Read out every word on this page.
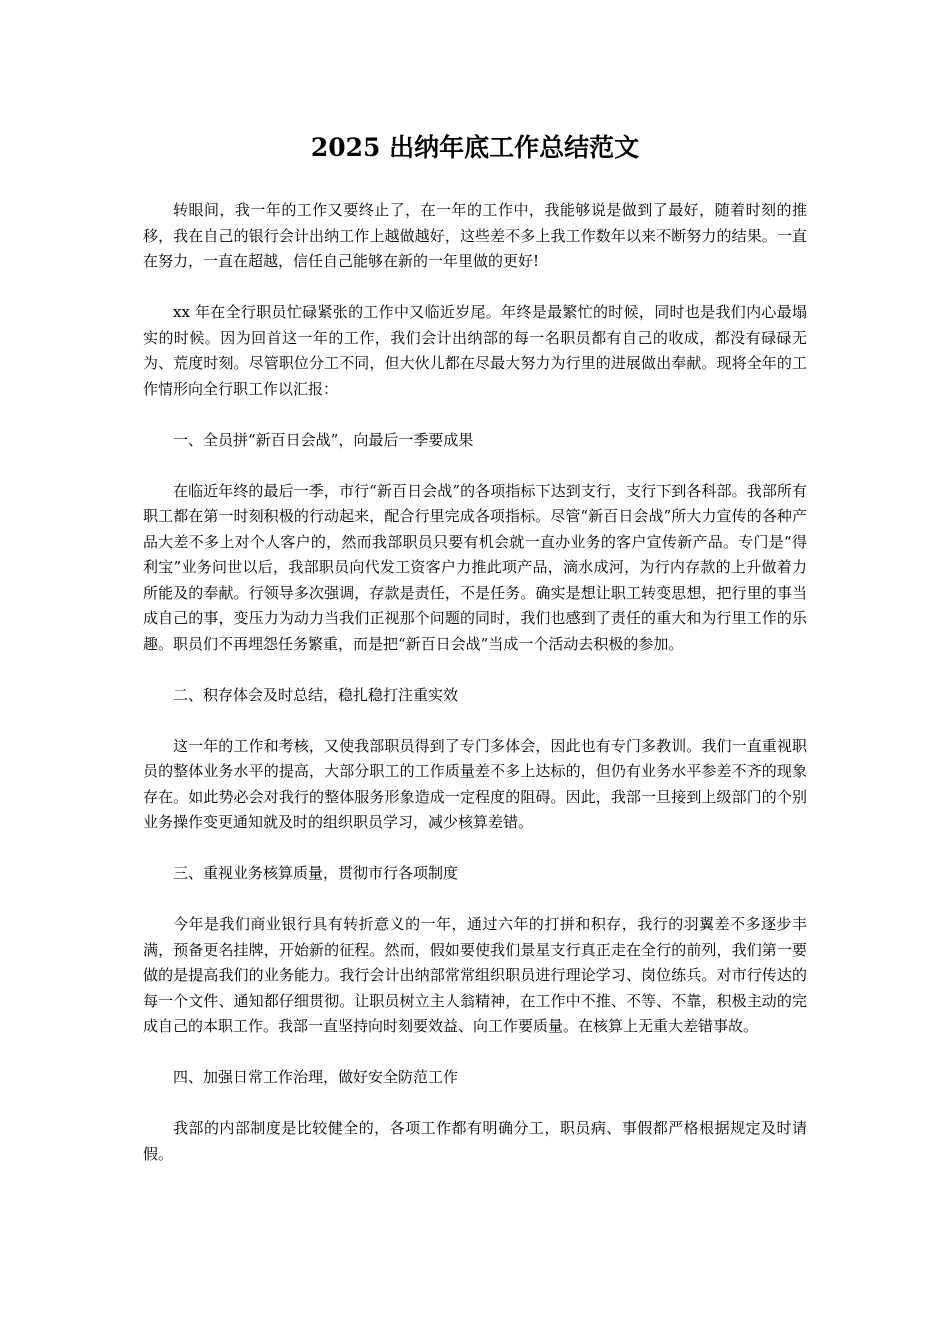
2025 出纳年底工作总结范文

转眼间，我一年的工作又要终止了，在一年的工作中，我能够说是做到了最好，随着时刻的推移，我在自己的银行会计出纳工作上越做越好，这些差不多上我工作数年以来不断努力的结果。一直在努力，一直在超越，信任自己能够在新的一年里做的更好!

xx 年在全行职员忙碌紧张的工作中又临近岁尾。年终是最繁忙的时候，同时也是我们内心最塌实的时候。因为回首这一年的工作，我们会计出纳部的每一名职员都有自己的收成，都没有碌碌无为、荒度时刻。尽管职位分工不同，但大伙儿都在尽最大努力为行里的进展做出奉献。现将全年的工作情形向全行职工作以汇报：

一、全员拼“新百日会战”，向最后一季要成果

在临近年终的最后一季，市行“新百日会战”的各项指标下达到支行，支行下到各科部。我部所有职工都在第一时刻积极的行动起来，配合行里完成各项指标。尽管“新百日会战”所大力宣传的各种产品大差不多上对个人客户的，然而我部职员只要有机会就一直办业务的客户宣传新产品。专门是“得利宝”业务问世以后，我部职员向代发工资客户力推此项产品，滴水成河，为行内存款的上升做着力所能及的奉献。行领导多次强调，存款是责任，不是任务。确实是想让职工转变思想，把行里的事当成自己的事，变压力为动力当我们正视那个问题的同时，我们也感到了责任的重大和为行里工作的乐趣。职员们不再埋怨任务繁重，而是把“新百日会战”当成一个活动去积极的参加。

二、积存体会及时总结，稳扎稳打注重实效

这一年的工作和考核，又使我部职员得到了专门多体会，因此也有专门多教训。我们一直重视职员的整体业务水平的提高，大部分职工的工作质量差不多上达标的，但仍有业务水平参差不齐的现象存在。如此势必会对我行的整体服务形象造成一定程度的阻碍。因此，我部一旦接到上级部门的个别业务操作变更通知就及时的组织职员学习，减少核算差错。

三、重视业务核算质量，贯彻市行各项制度

今年是我们商业银行具有转折意义的一年，通过六年的打拼和积存，我行的羽翼差不多逐步丰满，预备更名挂牌，开始新的征程。然而，假如要使我们景星支行真正走在全行的前列，我们第一要做的是提高我们的业务能力。我行会计出纳部常常组织职员进行理论学习、岗位练兵。对市行传达的每一个文件、通知都仔细贯彻。让职员树立主人翁精神，在工作中不推、不等、不靠，积极主动的完成自己的本职工作。我部一直坚持向时刻要效益、向工作要质量。在核算上无重大差错事故。

四、加强日常工作治理，做好安全防范工作

我部的内部制度是比较健全的，各项工作都有明确分工，职员病、事假都严格根据规定及时请假。
